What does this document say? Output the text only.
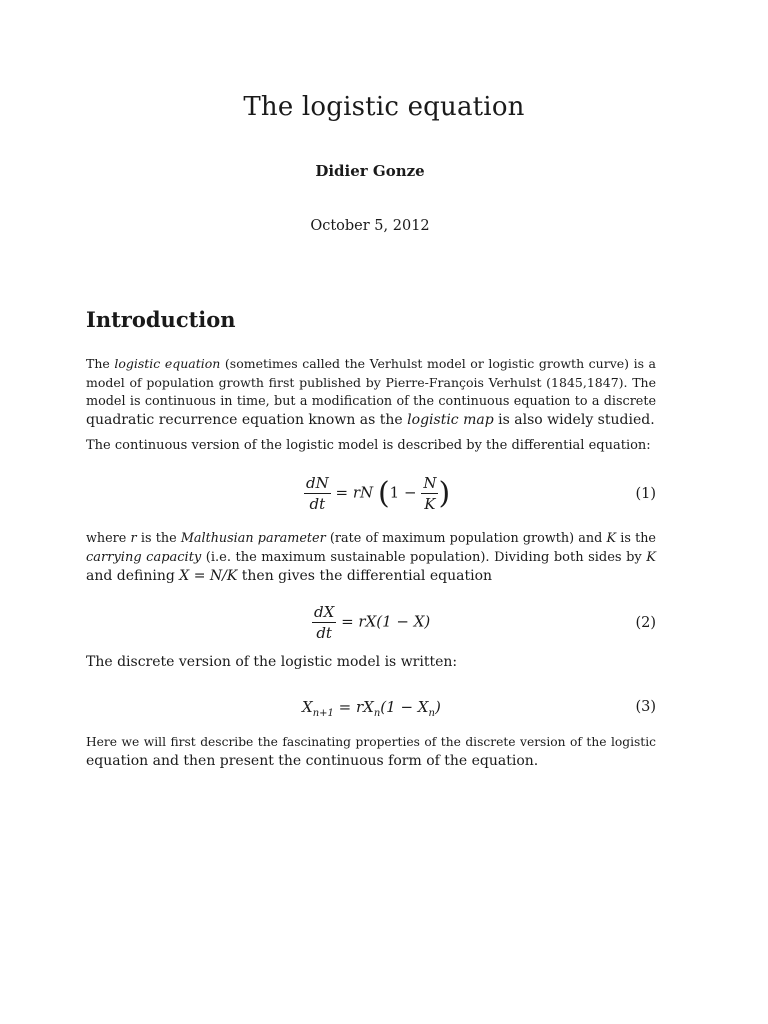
The logistic equation
Didier Gonze
October 5, 2012
Introduction
The logistic equation (sometimes called the Verhulst model or logistic growth curve) is a
model of population growth first published by Pierre-François Verhulst (1845,1847). The
model is continuous in time, but a modification of the continuous equation to a discrete
quadratic recurrence equation known as the logistic map is also widely studied.
The continuous version of the logistic model is described by the differential equation:
$\frac{dN}{dt}$ = rN ($1 - \frac{N}{K}$ )	(1)
where r is the Malthusian parameter (rate of maximum population growth) and K is the
carrying capacity (i.e. the maximum sustainable population). Dividing both sides by K
and defining X = N/K then gives the differential equation
$\frac{dX}{dt} = rX(1 - X)$	(2)
The discrete version of the logistic model is written:
$X_{n+1} = rX_n(1 - X_n)$	(3)
Here we will first describe the fascinating properties of the discrete version of the logistic
equation and then present the continuous form of the equation.
